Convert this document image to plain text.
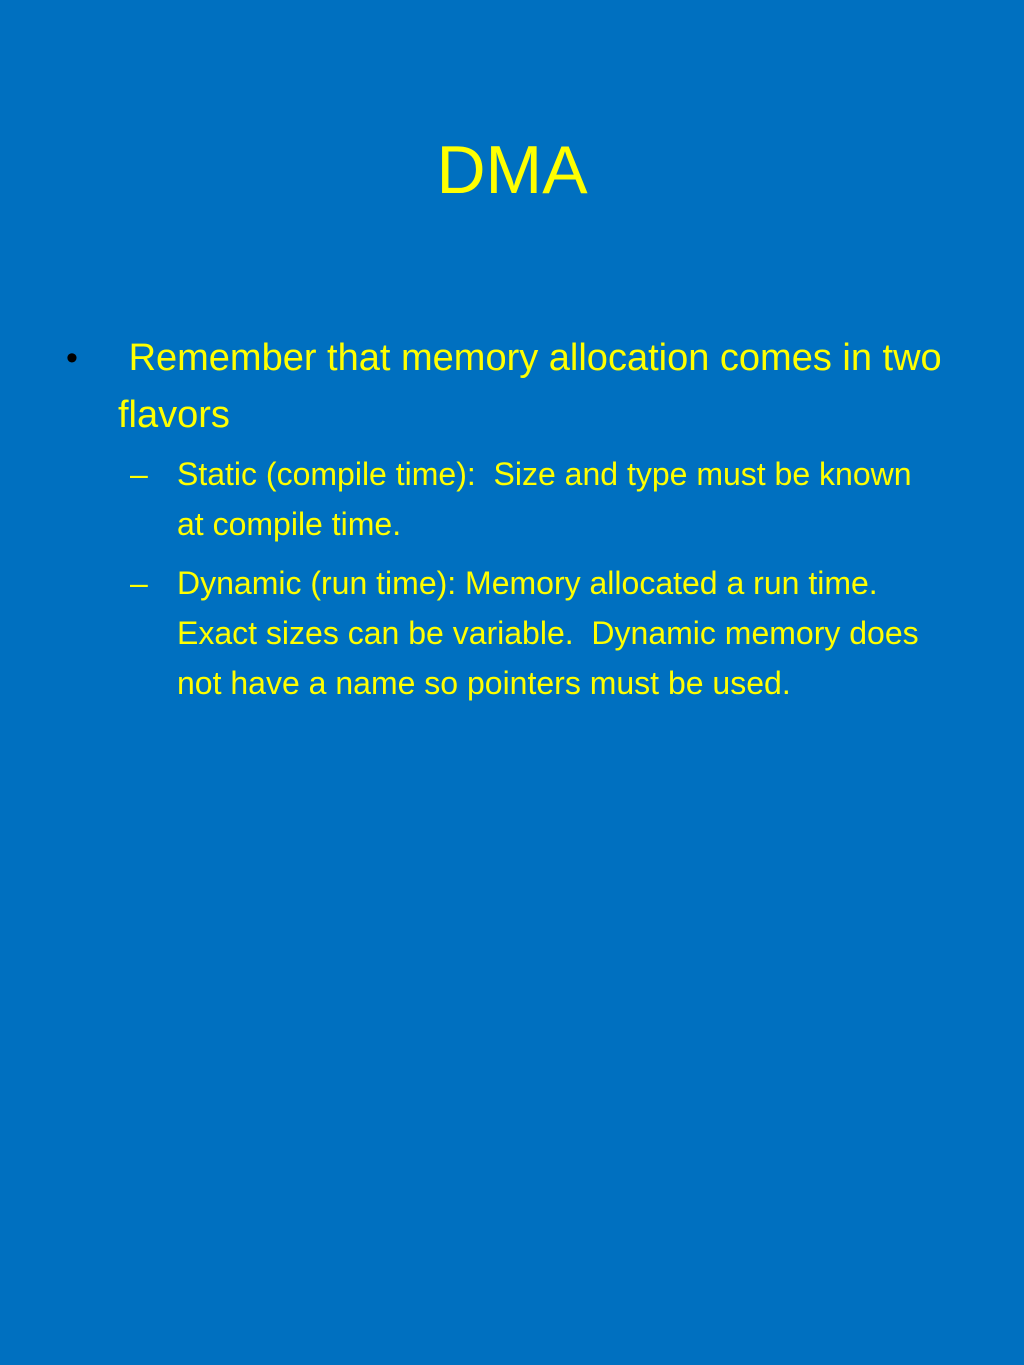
DMA
• Remember that memory allocation comes in two flavors
– Static (compile time):  Size and type must be known at compile time.
– Dynamic (run time): Memory allocated a run time. Exact sizes can be variable.  Dynamic memory does not have a name so pointers must be used.
